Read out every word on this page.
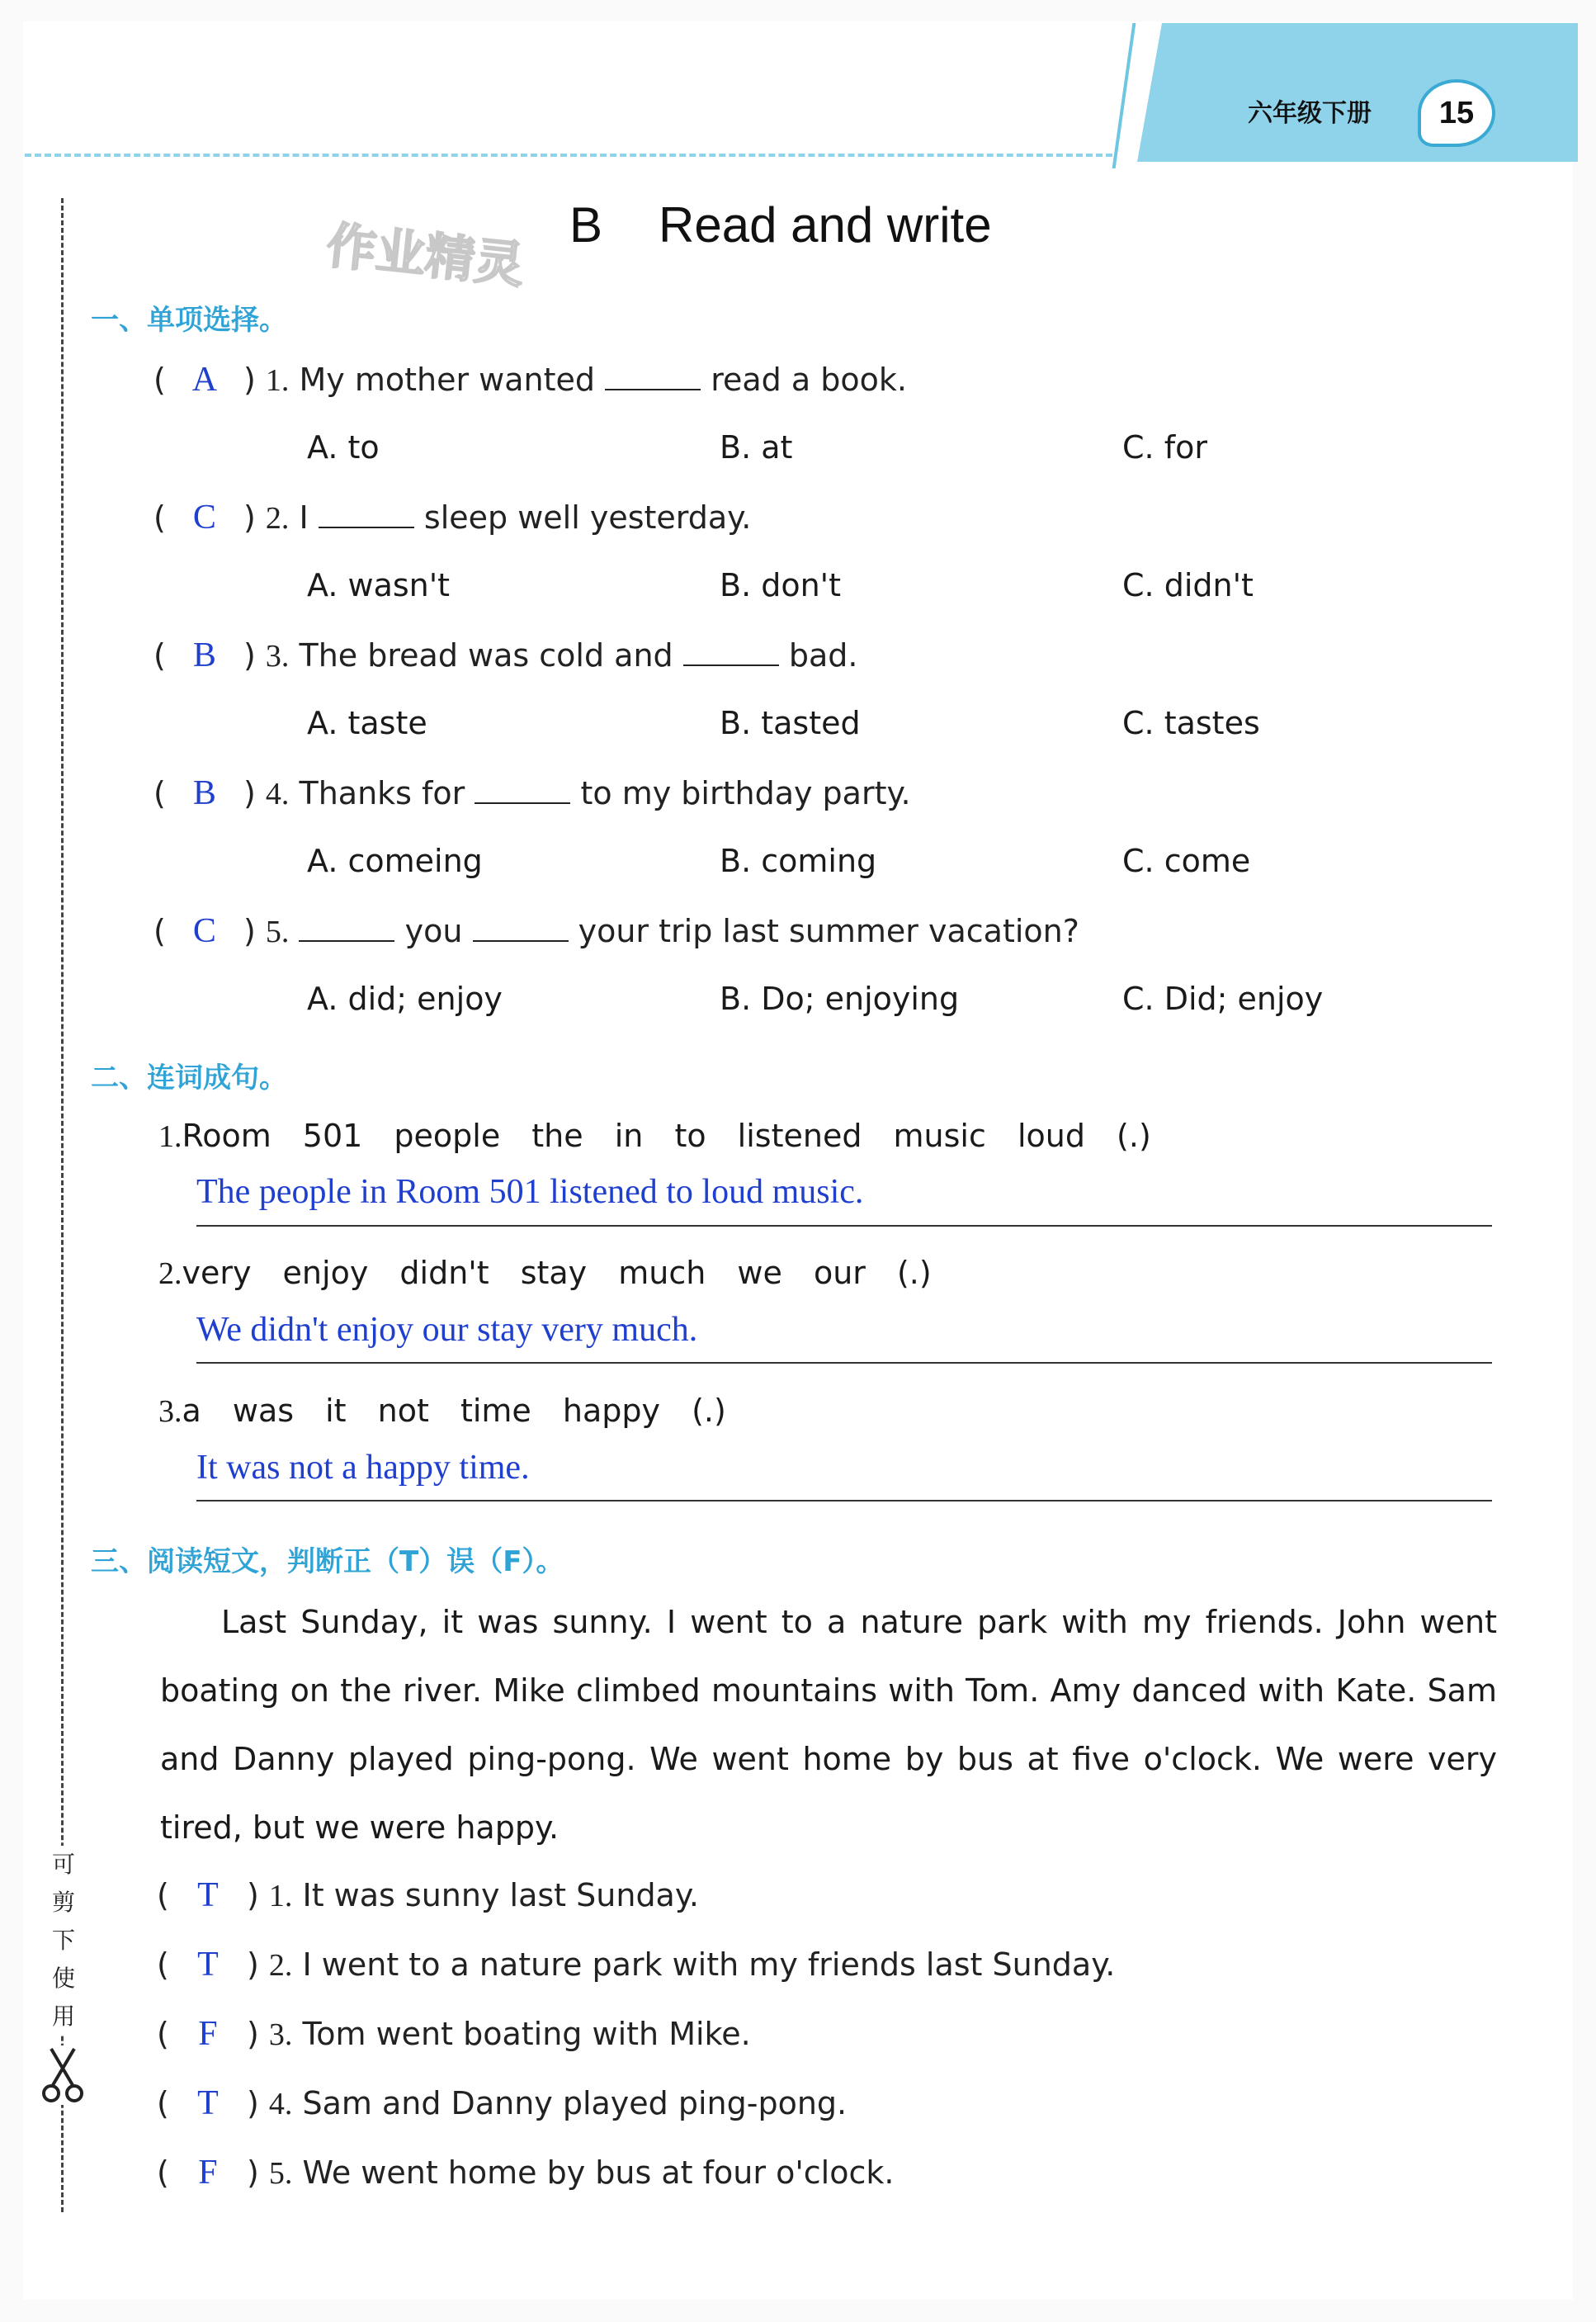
六年级下册 15
作业精灵 B Read and write
可剪下使用
一、单项选择。
( A ) 1. My mother wanted	read a book.
A. to	B. at	C. for
( C ) 2. I	sleep well yesterday.
A. wasn't	B. don't	C. didn't
( B ) 3. The bread was cold and	bad.
A. taste	B. tasted	C. tastes
( B ) 4. Thanks for	to my birthday party.
A. comeing	B. coming	C. come
( C ) 5.	you	your trip last summer vacation?
A. did; enjoy	B. Do; enjoying	C. Did; enjoy
二、连词成句。
1.Room 501 people the in to listened music loud (.)
The people in Room 501 listened to loud music.
2.very enjoy didn't stay much we our (.)
We didn't enjoy our stay very much.
3.a was it not time happy (.)
It was not a happy time.
三、阅读短文，判断正（T）误（F）。

Last Sunday, it was sunny. I went to a nature park with my friends. John went boating on the river. Mike climbed mountains with Tom. Amy danced with Kate. Sam and Danny played ping-pong. We went home by bus at five o'clock. We were very tired, but we were happy.

( T ) 1. It was sunny last Sunday.
( T ) 2. I went to a nature park with my friends last Sunday.
( F ) 3. Tom went boating with Mike.
( T ) 4. Sam and Danny played ping-pong.
( F ) 5. We went home by bus at four o'clock.
